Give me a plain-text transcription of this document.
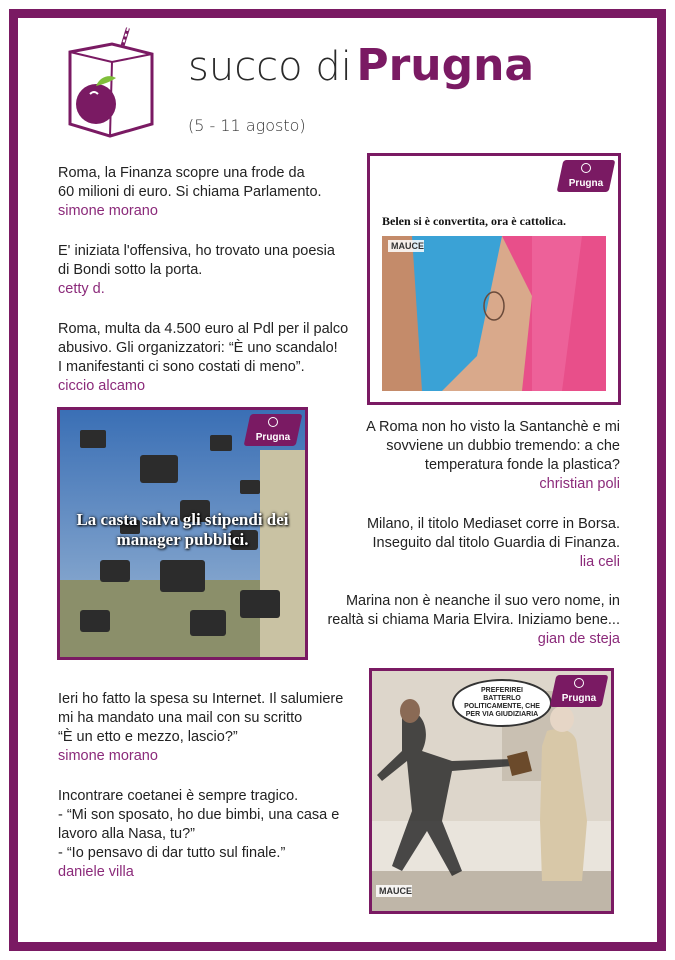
succo di Prugna
(5 - 11 agosto)
Roma, la Finanza scopre una frode da
60 milioni di euro. Si chiama Parlamento.
simone morano
E' iniziata l'offensiva, ho trovato una poesia
di Bondi sotto la porta.
cetty d.
Roma, multa da 4.500 euro al Pdl per il palco
abusivo. Gli organizzatori: “È uno scandalo!
I manifestanti ci sono costati di meno”.
ciccio alcamo
Prugna
Belen si è convertita, ora è cattolica.
MAUCE
Prugna
La casta salva gli stipendi dei manager pubblici.
A Roma non ho visto la Santanchè e mi
sovviene un dubbio tremendo: a che
temperatura fonde la plastica?
christian poli
Milano, il titolo Mediaset corre in Borsa.
Inseguito dal titolo Guardia di Finanza.
lia celi
Marina non è neanche il suo vero nome, in
realtà si chiama Maria Elvira. Iniziamo bene...
gian de steja
Ieri ho fatto la spesa su Internet. Il salumiere
mi ha mandato una mail con su scritto
“È un etto e mezzo, lascio?”
simone morano
Incontrare coetanei è sempre tragico.
- “Mi son sposato, ho due bimbi, una casa e
lavoro alla Nasa, tu?”
- “Io pensavo di dar tutto sul finale.”
daniele villa
MAUCE
PREFERIREI BATTERLO POLITICAMENTE, CHE PER VIA GIUDIZIARIA
Prugna
